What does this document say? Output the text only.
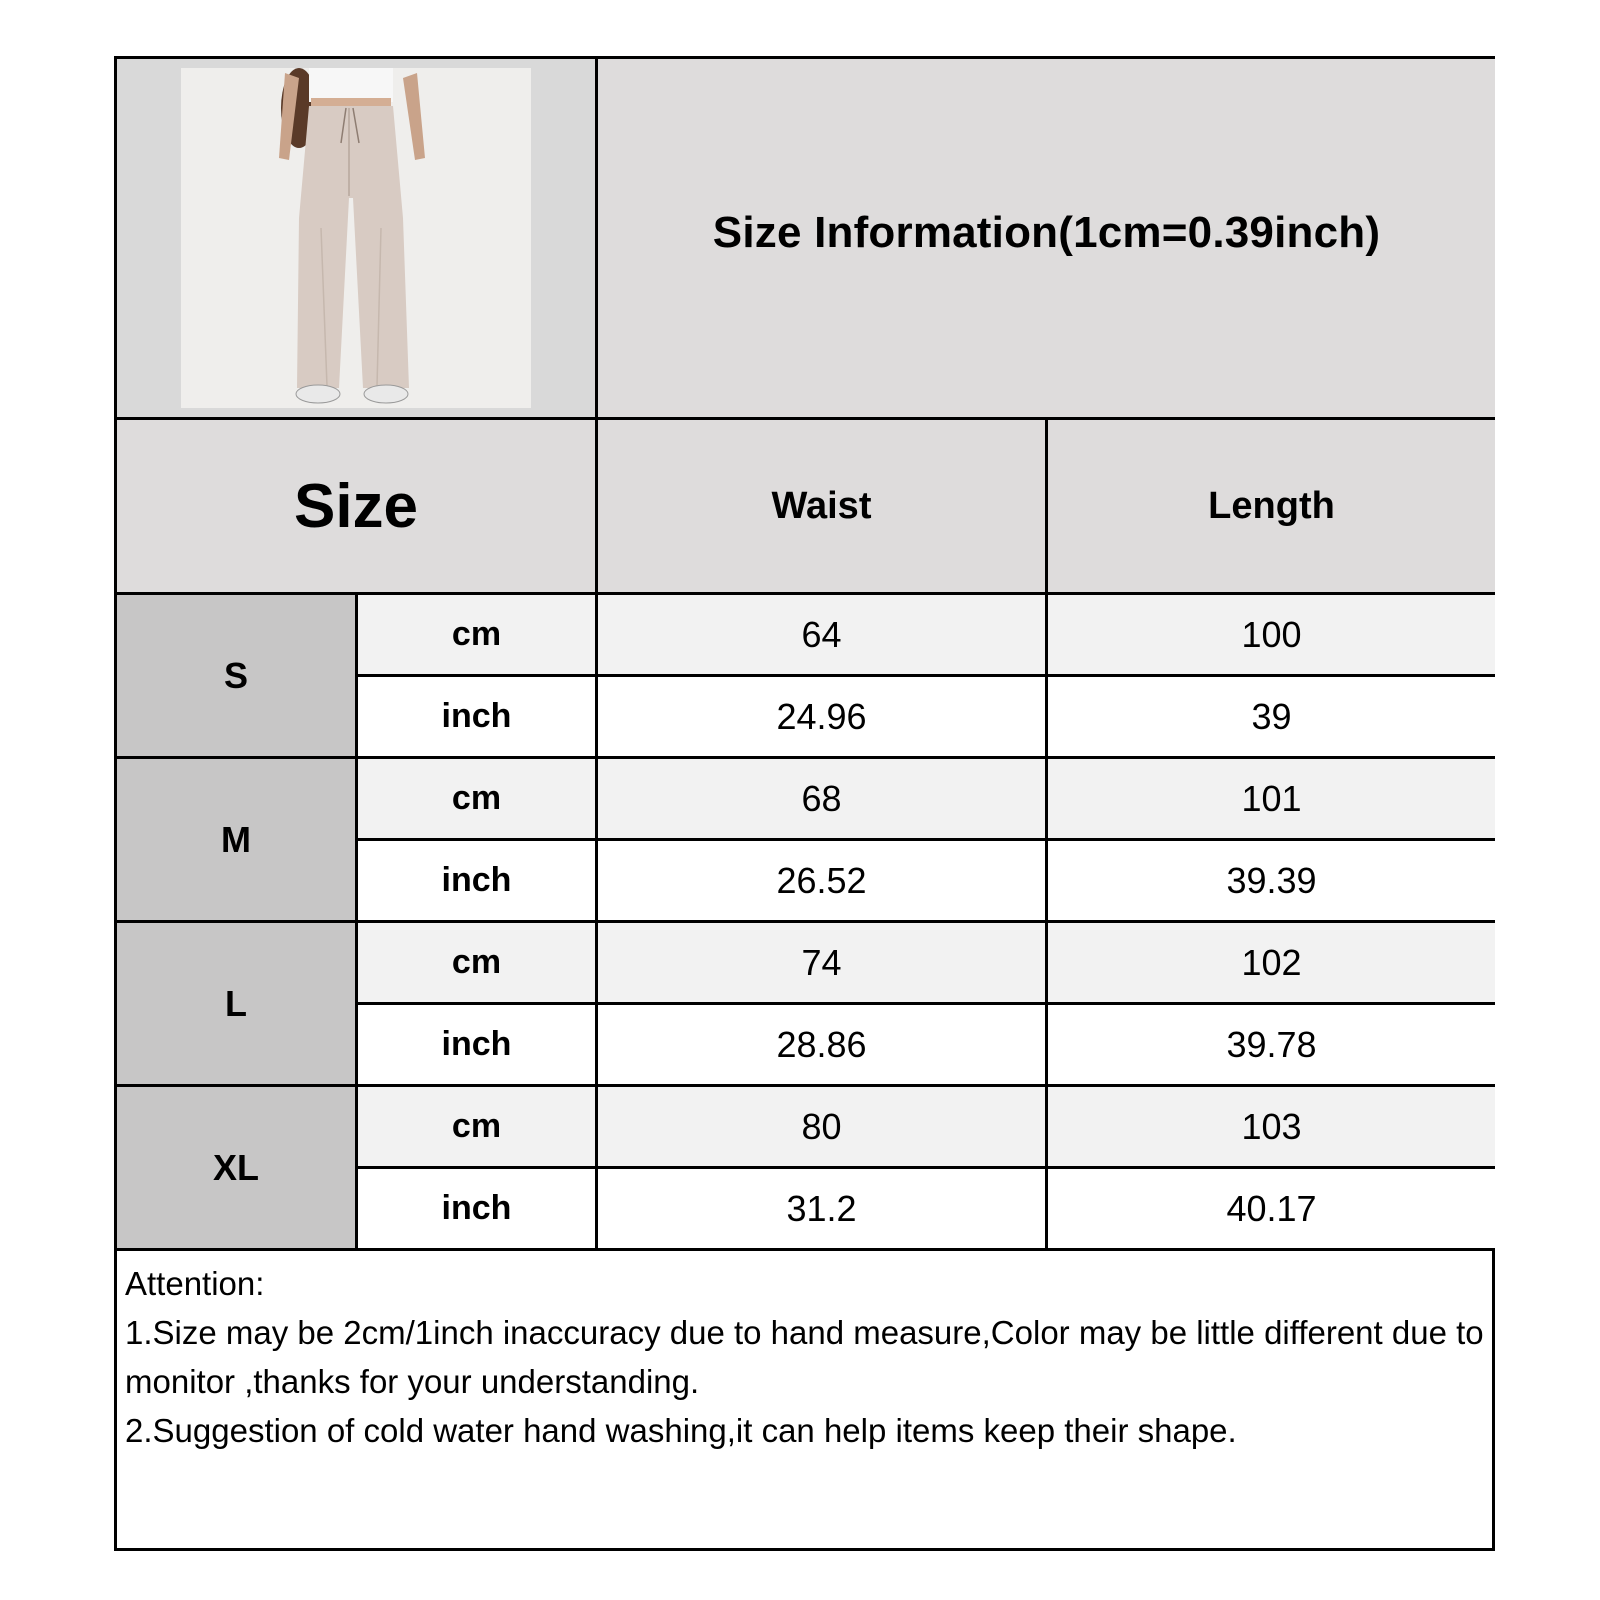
Size Information(1cm=0.39inch)
Size	Waist	Length
S
cm	64	100
inch	24.96	39
M
cm	68	101
inch	26.52	39.39
L
cm	74	102
inch	28.86	39.78
XL
cm	80	103
inch	31.2	40.17
Attention:
1.Size may be 2cm/1inch inaccuracy due to hand measure,Color may be little different due to monitor ,thanks for your understanding.
2.Suggestion of cold water hand washing,it can help items keep their shape.
